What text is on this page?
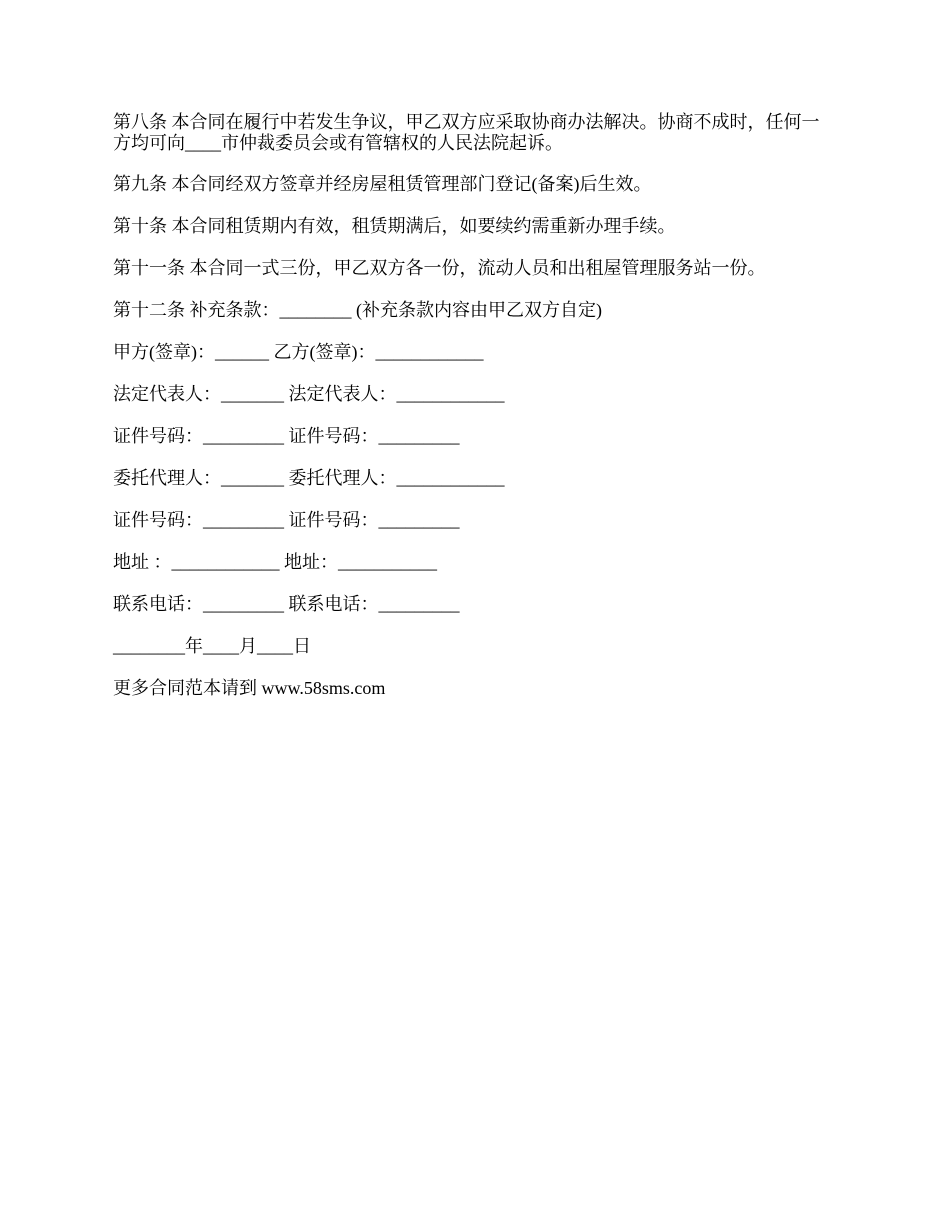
第八条 本合同在履行中若发生争议，甲乙双方应采取协商办法解决。协商不成时，任何一方均可向____市仲裁委员会或有管辖权的人民法院起诉。

第九条 本合同经双方签章并经房屋租赁管理部门登记(备案)后生效。

第十条 本合同租赁期内有效，租赁期满后，如要续约需重新办理手续。

第十一条 本合同一式三份，甲乙双方各一份，流动人员和出租屋管理服务站一份。

第十二条 补充条款：________ (补充条款内容由甲乙双方自定)

甲方(签章)：______ 乙方(签章)：____________

法定代表人：_______ 法定代表人：____________

证件号码：_________ 证件号码：_________

委托代理人：_______ 委托代理人：____________

证件号码：_________ 证件号码：_________

地址 ：____________ 地址：___________

联系电话：_________ 联系电话：_________

________年____月____日

更多合同范本请到 www.58sms.com
